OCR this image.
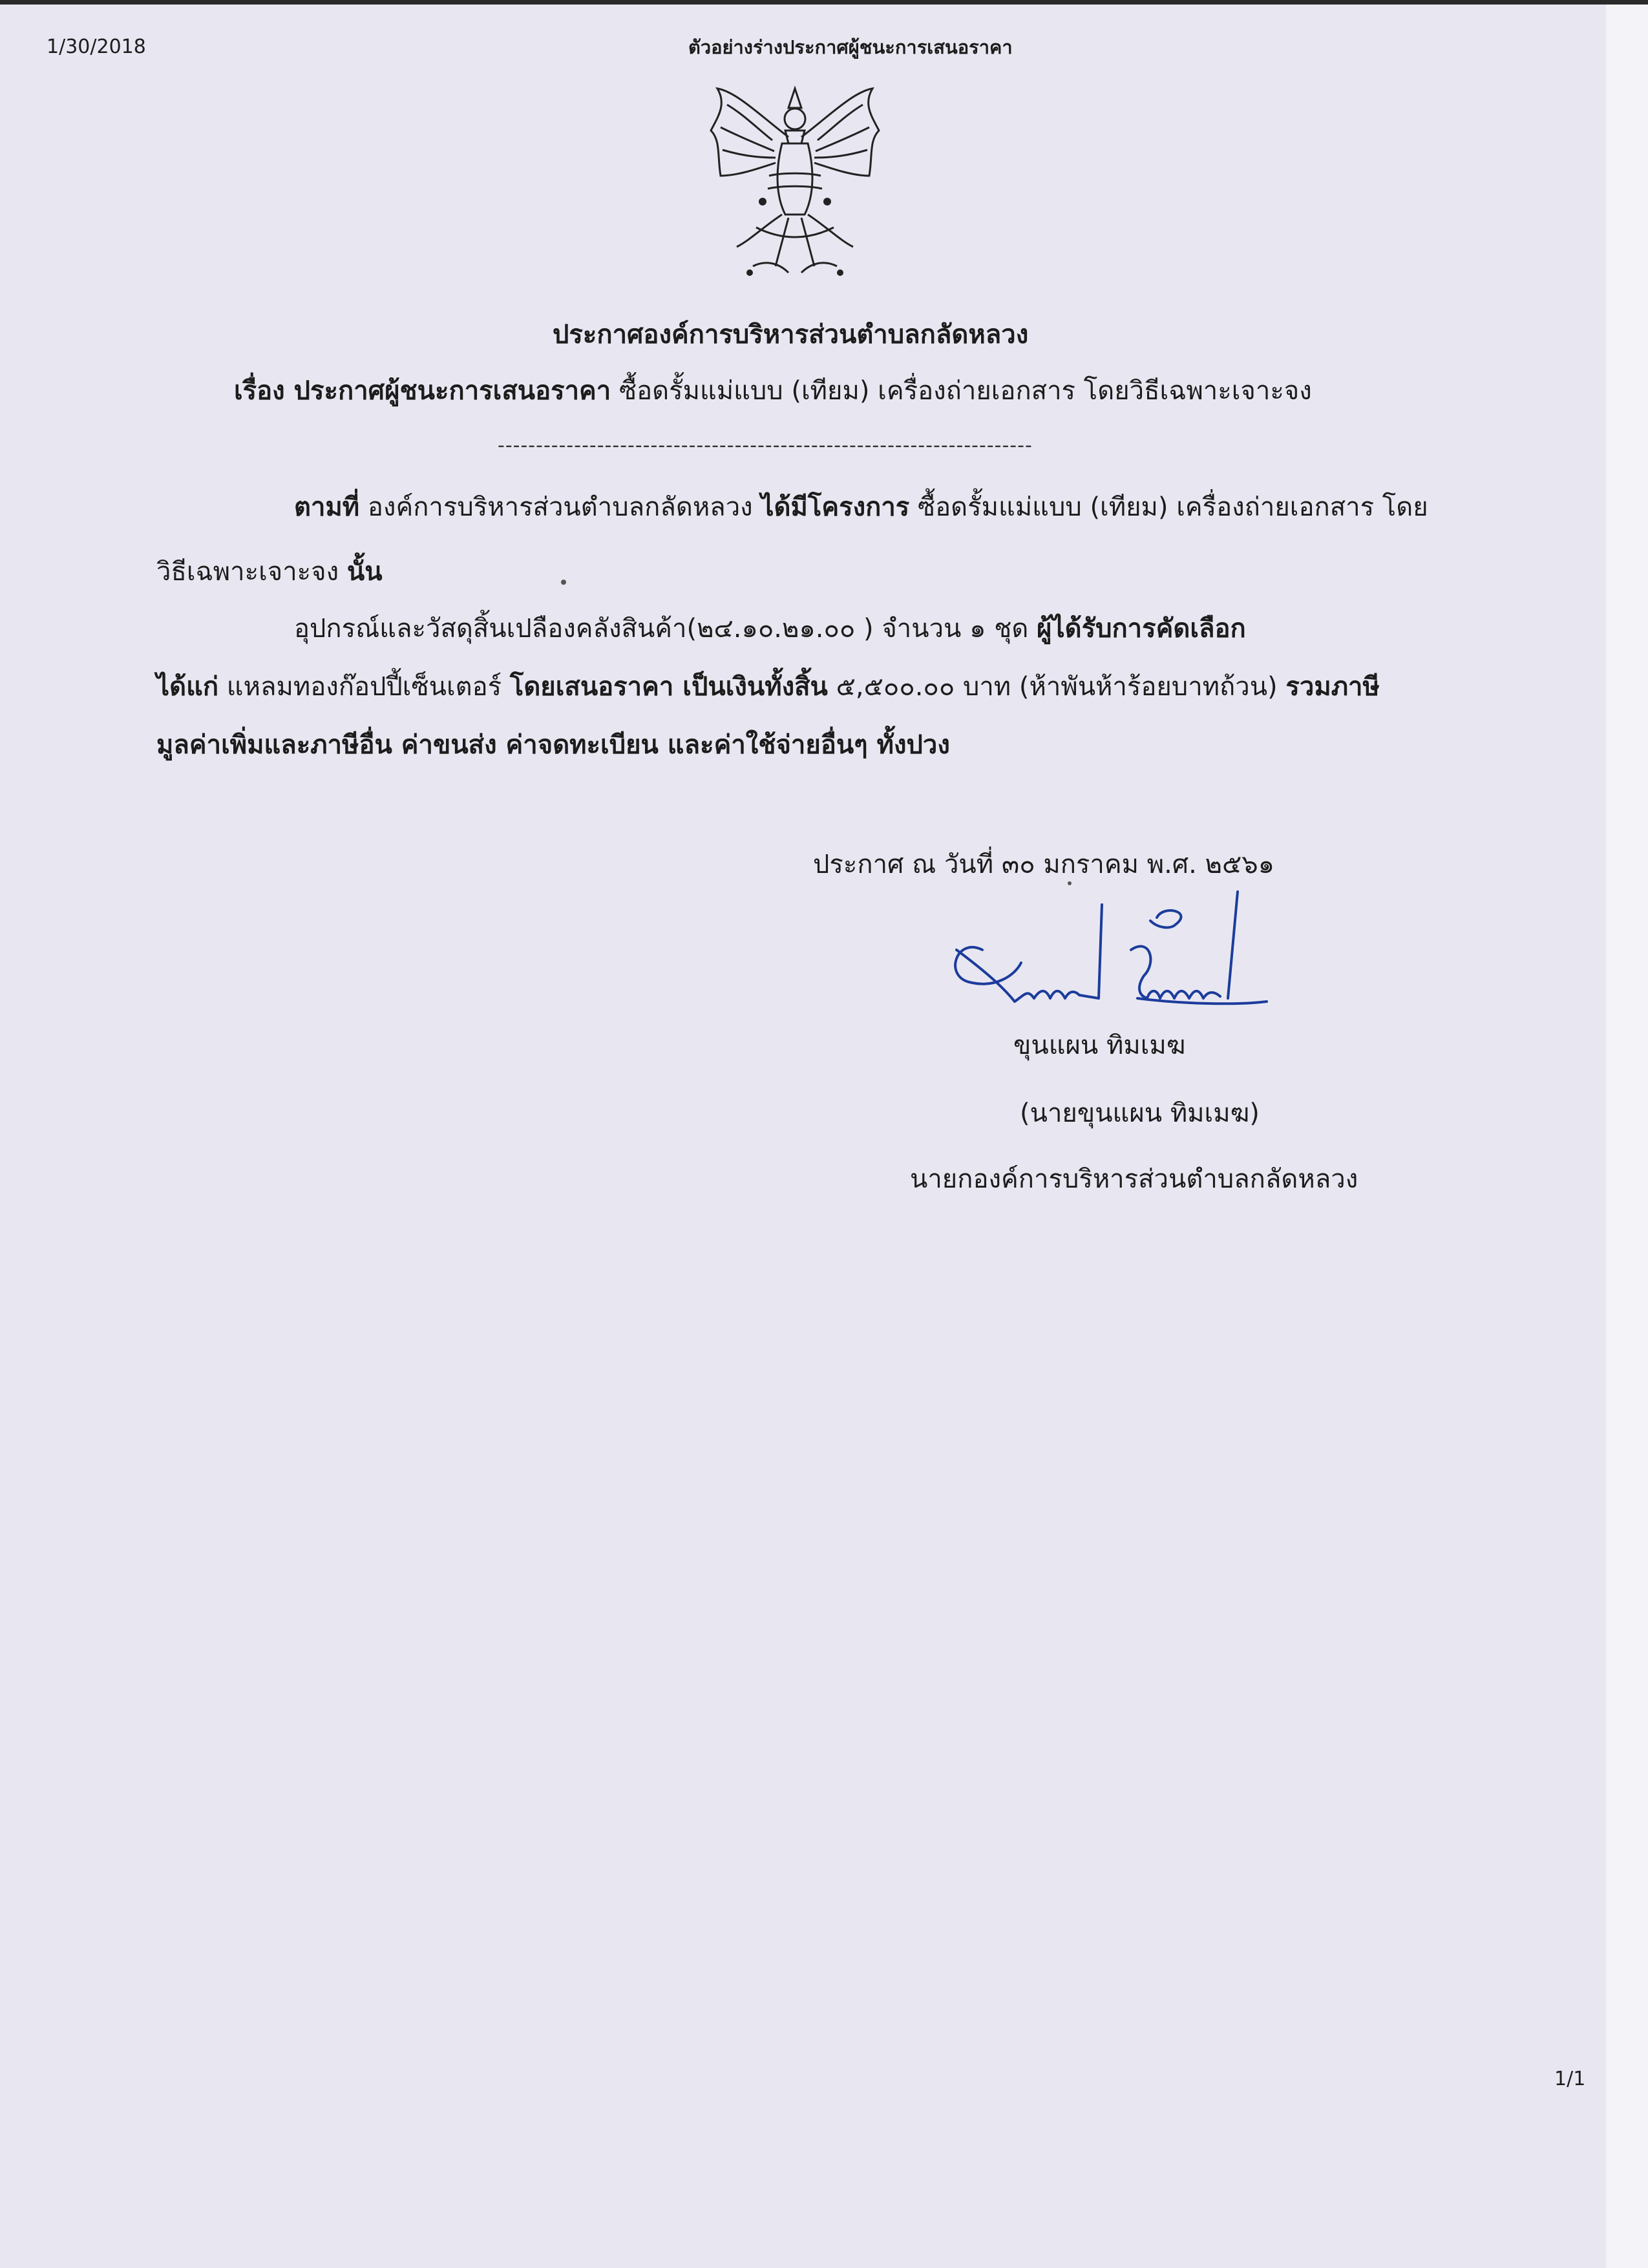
1/30/2018	ตัวอย่างร่างประกาศผู้ชนะการเสนอราคา
ประกาศองค์การบริหารส่วนตำบลกลัดหลวง
เรื่อง ประกาศผู้ชนะการเสนอราคา ซื้อดรั้มแม่แบบ (เทียม) เครื่องถ่ายเอกสาร โดยวิธีเฉพาะเจาะจง
----------------------------------------------------------------------
ตามที่ องค์การบริหารส่วนตำบลกลัดหลวง ได้มีโครงการ ซื้อดรั้มแม่แบบ (เทียม) เครื่องถ่ายเอกสาร โดย
วิธีเฉพาะเจาะจง นั้น
อุปกรณ์และวัสดุสิ้นเปลืองคลังสินค้า(๒๔.๑๐.๒๑.๐๐ ) จำนวน ๑ ชุด ผู้ได้รับการคัดเลือก
ได้แก่ แหลมทองก๊อปปี้เซ็นเตอร์ โดยเสนอราคา เป็นเงินทั้งสิ้น ๕,๕๐๐.๐๐ บาท (ห้าพันห้าร้อยบาทถ้วน) รวมภาษี
มูลค่าเพิ่มและภาษีอื่น ค่าขนส่ง ค่าจดทะเบียน และค่าใช้จ่ายอื่นๆ ทั้งปวง
ประกาศ ณ วันที่ ๓๐ มกราคม พ.ศ. ๒๕๖๑
ขุนแผน ทิมเมฆ
(นายขุนแผน ทิมเมฆ)
นายกองค์การบริหารส่วนตำบลกลัดหลวง
1/1
